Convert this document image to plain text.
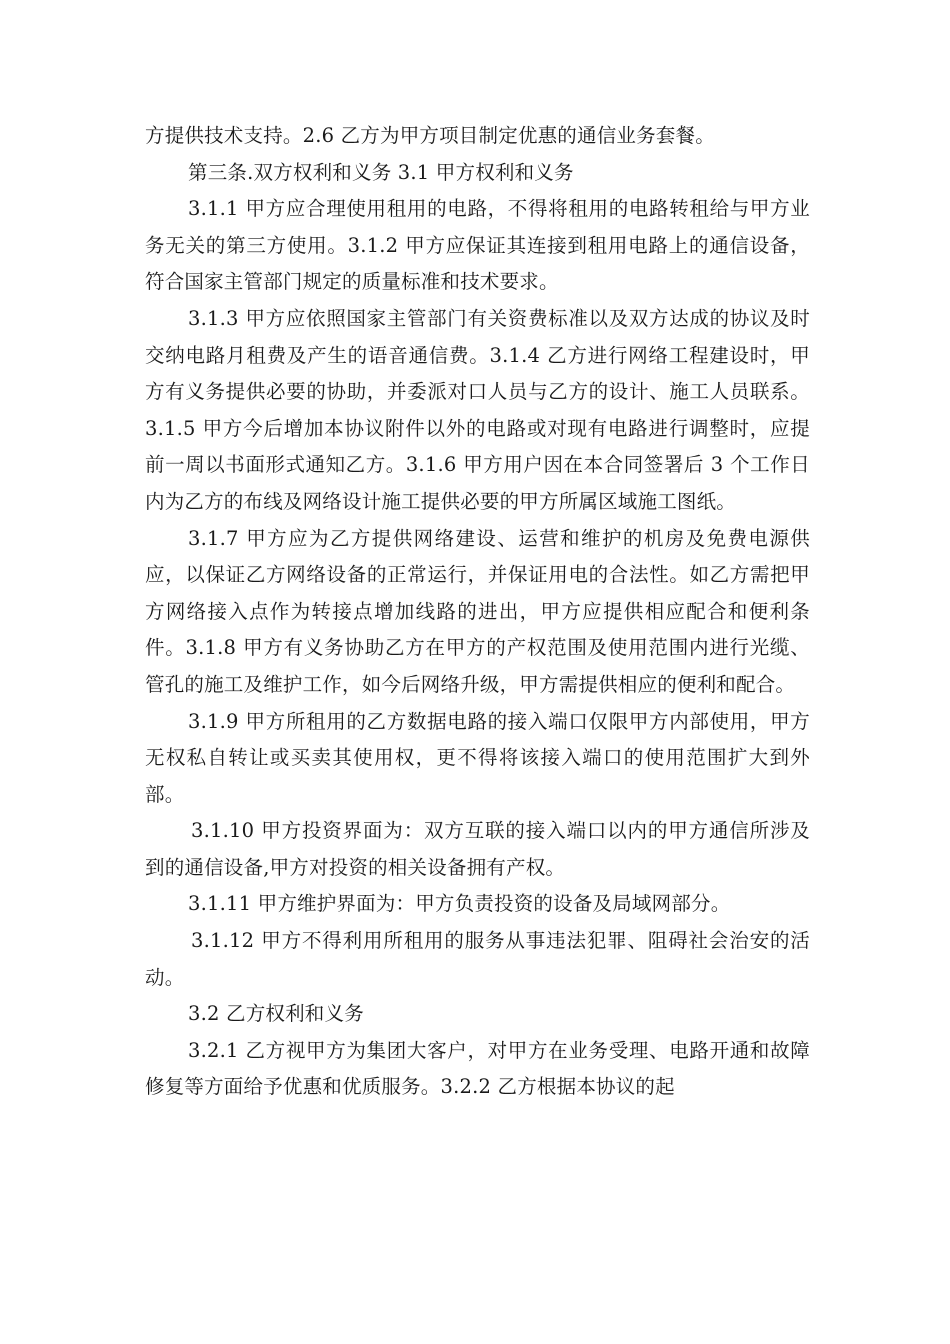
方提供技术支持。2.6 乙方为甲方项目制定优惠的通信业务套餐。

第三条.双方权利和义务 3.1 甲方权利和义务

3.1.1 甲方应合理使用租用的电路，不得将租用的电路转租给与甲方业务无关的第三方使用。3.1.2 甲方应保证其连接到租用电路上的通信设备，符合国家主管部门规定的质量标准和技术要求。

3.1.3 甲方应依照国家主管部门有关资费标准以及双方达成的协议及时交纳电路月租费及产生的语音通信费。3.1.4 乙方进行网络工程建设时，甲方有义务提供必要的协助，并委派对口人员与乙方的设计、施工人员联系。3.1.5 甲方今后增加本协议附件以外的电路或对现有电路进行调整时，应提前一周以书面形式通知乙方。3.1.6 甲方用户因在本合同签署后 3 个工作日内为乙方的布线及网络设计施工提供必要的甲方所属区域施工图纸。

3.1.7 甲方应为乙方提供网络建设、运营和维护的机房及免费电源供应，以保证乙方网络设备的正常运行，并保证用电的合法性。如乙方需把甲方网络接入点作为转接点增加线路的进出，甲方应提供相应配合和便利条件。3.1.8 甲方有义务协助乙方在甲方的产权范围及使用范围内进行光缆、管孔的施工及维护工作，如今后网络升级，甲方需提供相应的便利和配合。

3.1.9 甲方所租用的乙方数据电路的接入端口仅限甲方内部使用，甲方无权私自转让或买卖其使用权，更不得将该接入端口的使用范围扩大到外部。

3.1.10 甲方投资界面为：双方互联的接入端口以内的甲方通信所涉及到的通信设备,甲方对投资的相关设备拥有产权。

3.1.11 甲方维护界面为：甲方负责投资的设备及局域网部分。

3.1.12 甲方不得利用所租用的服务从事违法犯罪、阻碍社会治安的活动。

3.2 乙方权利和义务

3.2.1 乙方视甲方为集团大客户，对甲方在业务受理、电路开通和故障修复等方面给予优惠和优质服务。3.2.2 乙方根据本协议的起
